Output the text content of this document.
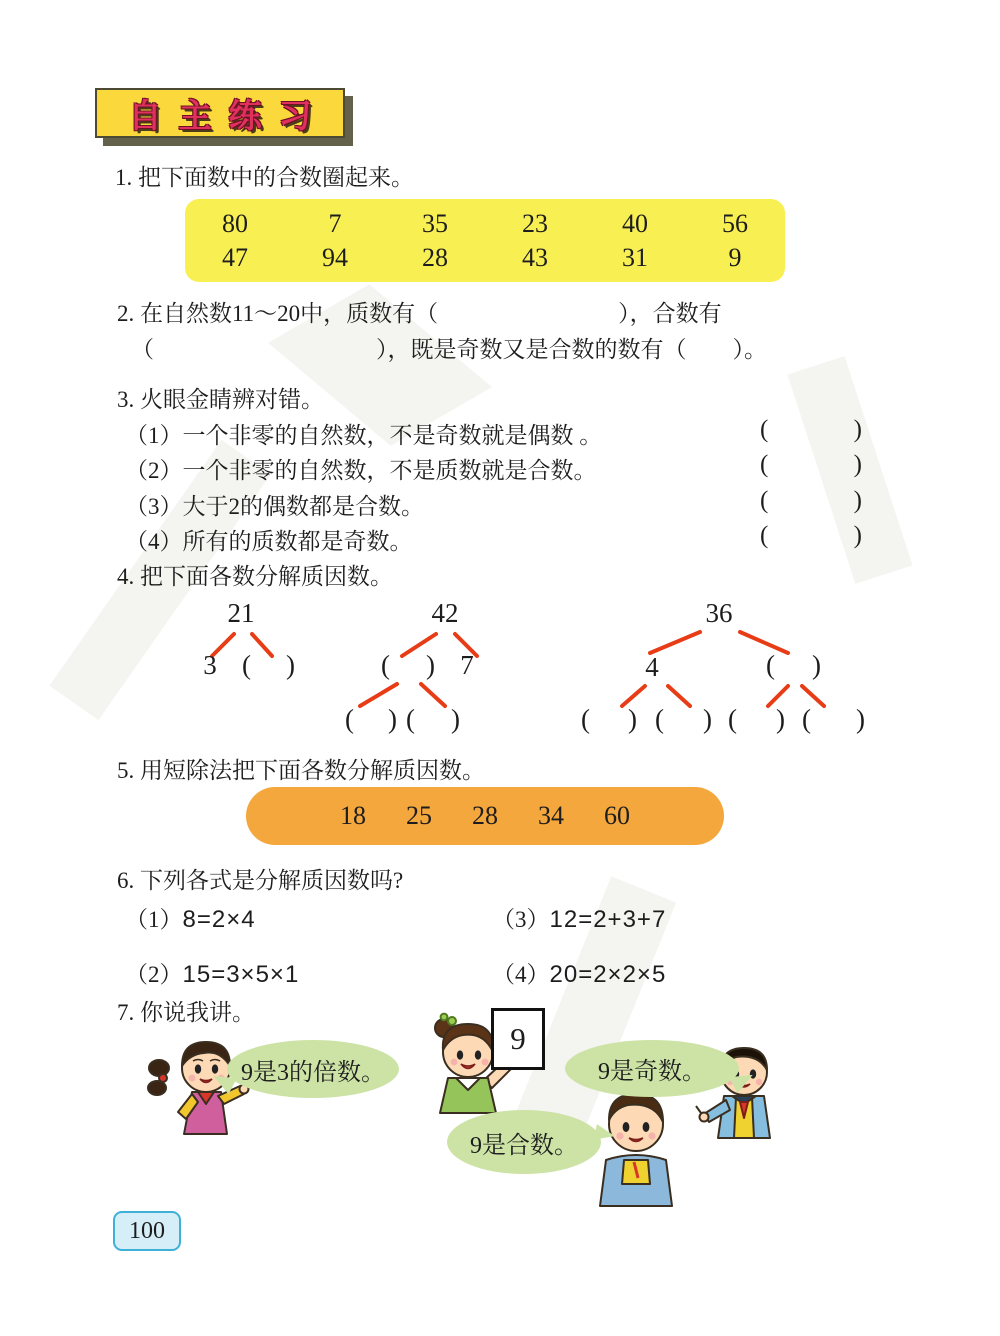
自主练习
1. 把下面数中的合数圈起来。
80	7	35	23	40	56
47	94	28	43	31	9
2. 在自然数11～20中，质数有（	），合数有
（	），既是奇数又是合数的数有（ ）。
3. 火眼金睛辨对错。
（1）一个非零的自然数，不是奇数就是偶数 。	(	)
（2）一个非零的自然数，不是质数就是合数。	(	)
（3）大于2的偶数都是合数。	(	)
（4）所有的质数都是奇数。	(	)
4. 把下面各数分解质因数。
21
3 ( )
42
( ) 7
( ) ( )
36
4	( )
( ) ( ) ( ) ( )
5. 用短除法把下面各数分解质因数。
18 25 28 34 60
6. 下列各式是分解质因数吗?
（1）8=2×4	（3）12=2+3+7
（2）15=3×5×1	（4）20=2×2×5
7. 你说我讲。
9是3的倍数。
9
9是奇数。
9是合数。
100
